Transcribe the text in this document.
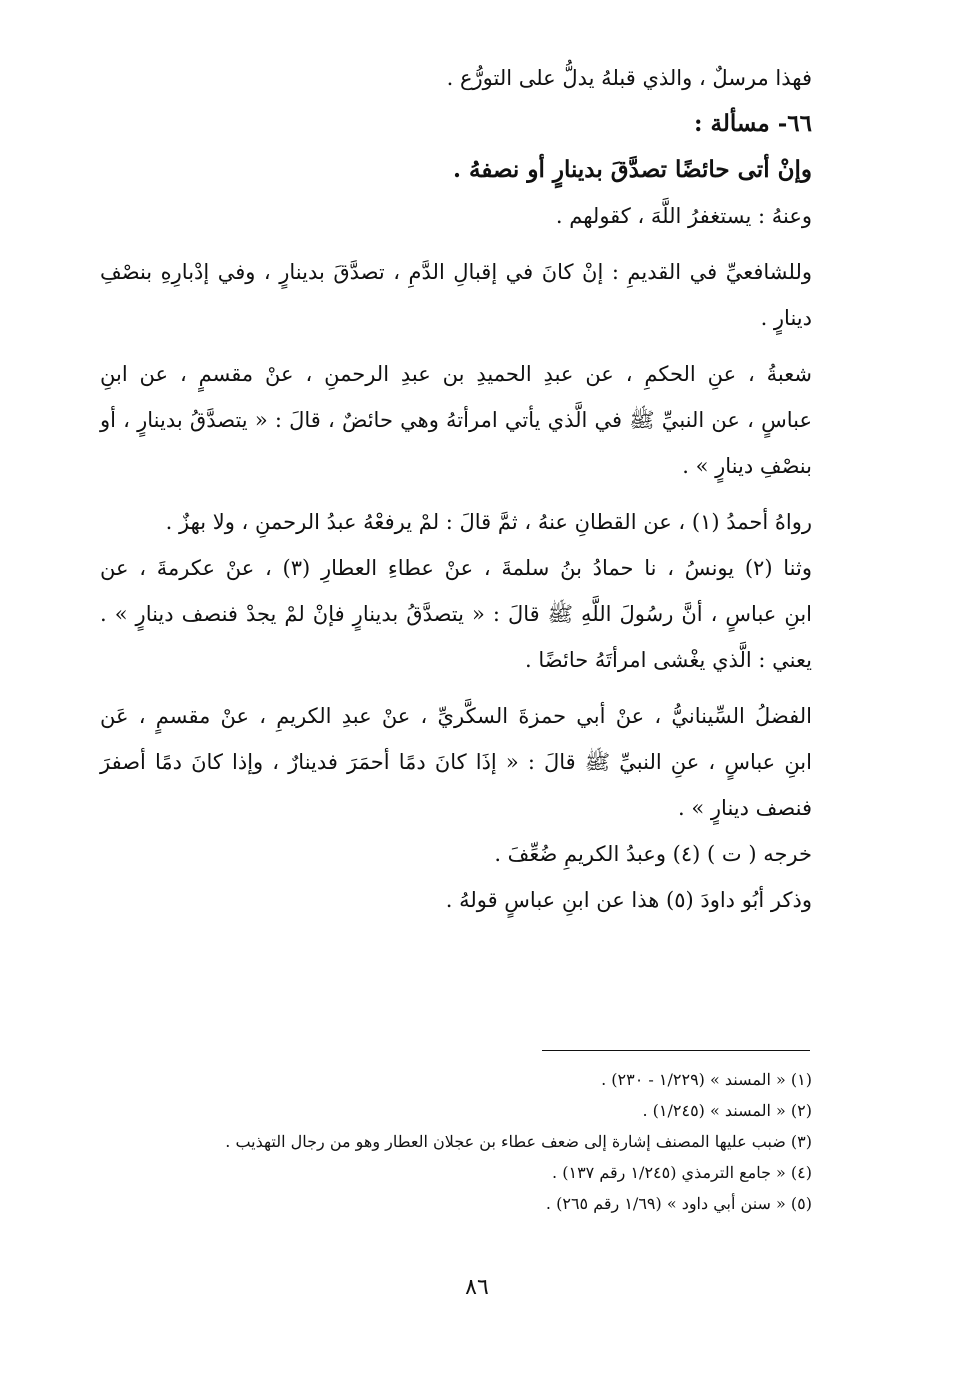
فهذا مرسلٌ ، والذي قبلهُ يدلُّ على التورُّع .
٦٦- مسألة :
وإنْ أتى حائضًا تصدَّقَ بدينارٍ أو نصفهُ .
وعنهُ : يستغفرُ اللَّهَ ، كقولهم .
وللشافعيِّ في القديمِ : إنْ كانَ في إقبالِ الدَّمِ ، تصدَّقَ بدينارٍ ، وفي إدْبارِهِ بنصْفِ
دينارٍ .
شعبةُ ، عنِ الحكمِ ، عن عبدِ الحميدِ بن عبدِ الرحمنِ ، عنْ مقسمٍ ، عن ابنِ
عباسٍ ، عن النبيِّ ﷺ في الَّذي يأتي امرأتهُ وهي حائضٌ ، قالَ : « يتصدَّقُ بدينارٍ ، أو
بنصْفِ دينارٍ » .
رواهُ أحمدُ (١) ، عن القطانِ عنهُ ، ثمَّ قالَ : لمْ يرفعْهُ عبدُ الرحمنِ ، ولا بهزٌ .
وثنا (٢) يونسُ ، نا حمادُ بنُ سلمةَ ، عنْ عطاءِ العطارِ (٣) ، عنْ عكرمةَ ، عن
ابنِ عباسٍ ، أنَّ رسُولَ اللَّهِ ﷺ قالَ : « يتصدَّقُ بدينارٍ فإنْ لمْ يجدْ فنصف دينارٍ » .
يعني : الَّذي يغْشى امرأتَهُ حائضًا .
الفضلُ السِّينانيُّ ، عنْ أبي حمزةَ السكَّريِّ ، عنْ عبدِ الكريمِ ، عنْ مقسمٍ ، عَن
ابنِ عباسٍ ، عنِ النبيِّ ﷺ قالَ : « إذَا كانَ دمًا أحمَرَ فدينارٌ ، وإذا كانَ دمًا أصفرَ
فنصف دينارٍ » .
خرجه ( ت ) (٤) وعبدُ الكريمِ ضُعِّفَ .
وذكر أبُو داودَ (٥) هذا عن ابنِ عباسٍ قولهُ .
(١) « المسند » (١/٢٢٩ - ٢٣٠) .
(٢) « المسند » (١/٢٤٥) .
(٣) ضبب عليها المصنف إشارة إلى ضعف عطاء بن عجلان العطار وهو من رجال التهذيب .
(٤) « جامع الترمذي (١/٢٤٥ رقم ١٣٧) .
(٥) « سنن أبي داود » (١/٦٩ رقم ٢٦٥) .
٨٦
